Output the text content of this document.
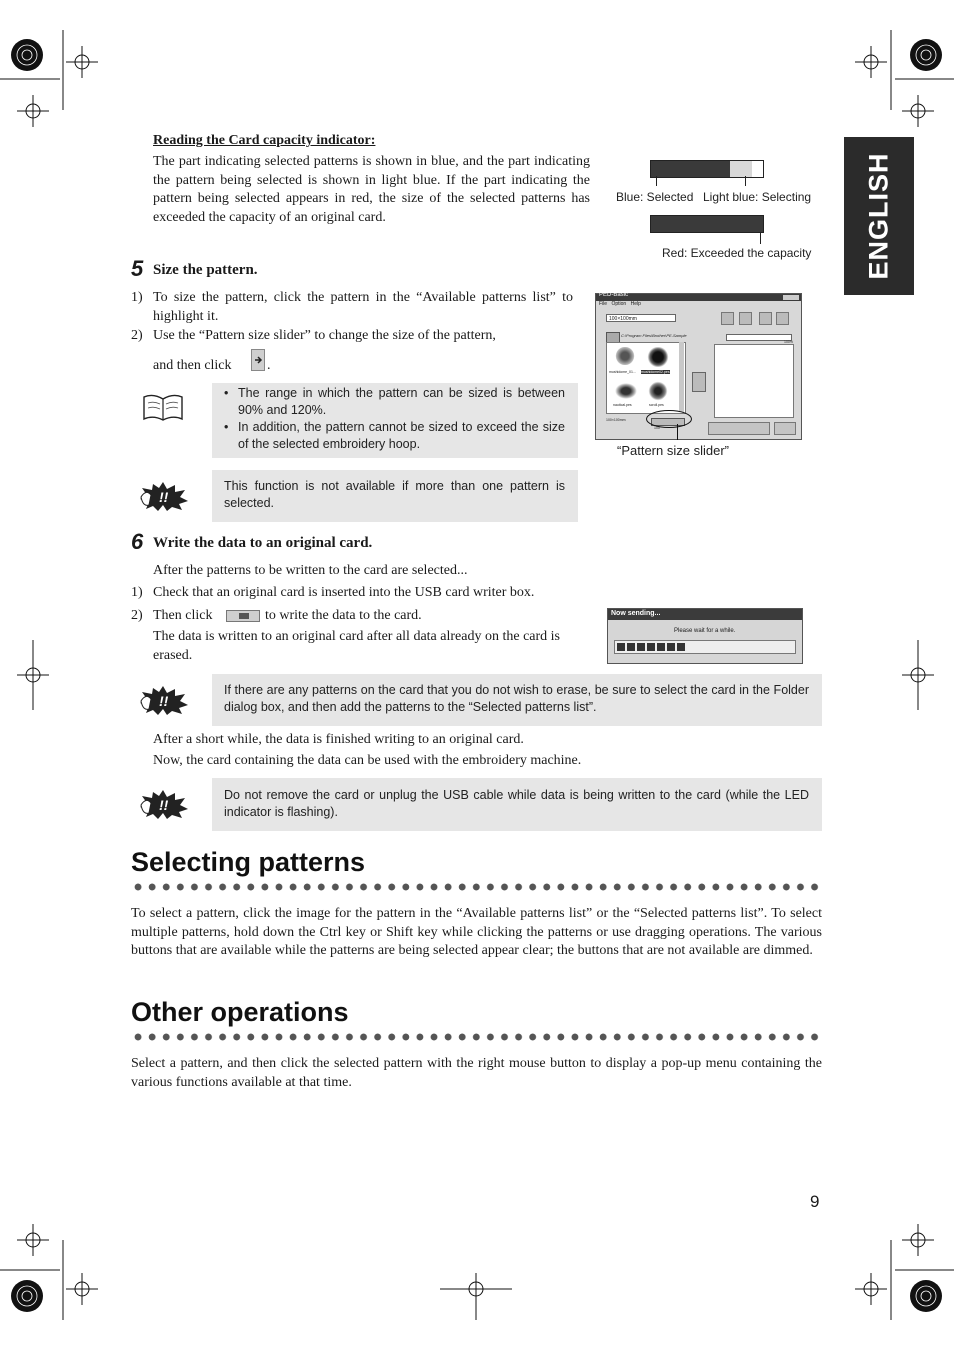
ENGLISH
Reading the Card capacity indicator:
The part indicating selected patterns is shown in blue, and the part indicating the pattern being selected is shown in light blue. If the part indicating the pattern being selected appears in red, the size of the selected patterns has exceeded the capacity of an original card.
Blue: Selected Light blue: Selecting
Red: Exceeded the capacity
5 Size the pattern.
1) To size the pattern, click the pattern in the “Available patterns list” to highlight it.
2) Use the “Pattern size slider” to change the size of the pattern,
and then click	.
• The range in which the pattern can be sized is between 90% and 120%.
• In addition, the pattern cannot be sized to exceed the size of the selected embroidery hoop.
!!
This function is not available if more than one pattern is selected.
PED-Basic
File Option Help
100×100mm
C:\Program Files\Brother\PE-Sample
mushidome_01... mushidome02.pes
nautical.pes	scroll.pes
100%
100×100mm
100
“Pattern size slider”
6 Write the data to an original card.
After the patterns to be written to the card are selected...
1) Check that an original card is inserted into the USB card writer box.
2) Then click	to write the data to the card.
The data is written to an original card after all data already on the card is erased.
Now sending...
Please wait for a while.
!!
If there are any patterns on the card that you do not wish to erase, be sure to select the card in the Folder dialog box, and then add the patterns to the “Selected patterns list”.
After a short while, the data is finished writing to an original card.
Now, the card containing the data can be used with the embroidery machine.
!!
Do not remove the card or unplug the USB cable while data is being written to the card (while the LED indicator is flashing).
Selecting patterns
To select a pattern, click the image for the pattern in the “Available patterns list” or the “Selected patterns list”. To select multiple patterns, hold down the Ctrl key or Shift key while clicking the patterns or use dragging operations. The various buttons that are available while the patterns are being selected appear clear; the buttons that are not available are dimmed.
Other operations
Select a pattern, and then click the selected pattern with the right mouse button to display a pop-up menu containing the various functions available at that time.
9
